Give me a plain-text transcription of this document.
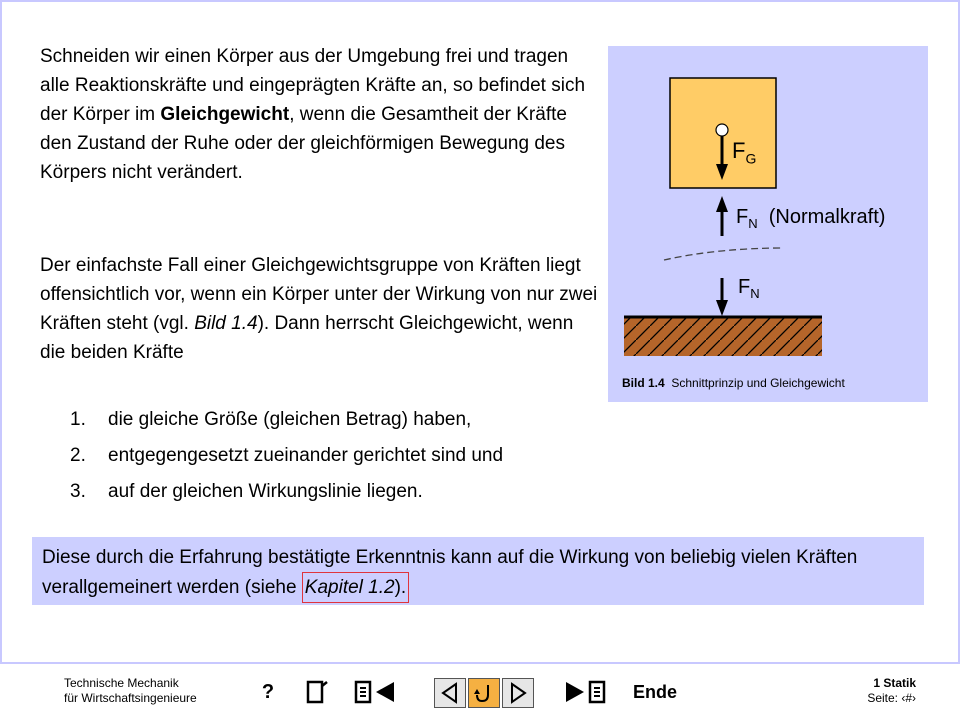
Schneiden wir einen Körper aus der Umgebung frei und tragen alle Reaktionskräfte und eingeprägten Kräfte an, so befindet sich der Körper im Gleichgewicht, wenn die Gesamtheit der Kräfte den Zustand der Ruhe oder der gleichförmigen Bewegung des Körpers nicht verändert.

Der einfachste Fall einer Gleichgewichtsgruppe von Kräften liegt offensichtlich vor, wenn ein Körper unter der Wirkung von nur zwei Kräften steht (vgl. Bild 1.4). Dann herrscht Gleichgewicht, wenn die beiden Kräfte

1. die gleiche Größe (gleichen Betrag) haben,
2. entgegengesetzt zueinander gerichtet sind und
3. auf der gleichen Wirkungslinie liegen.
$F_G$
$F_N$ (Normalkraft)
$F_N$
Bild 1.4 Schnittprinzip und Gleichgewicht
Diese durch die Erfahrung bestätigte Erkenntnis kann auf die Wirkung von beliebig vielen Kräften verallgemeinert werden (siehe Kapitel 1.2).
Technische Mechanik
für Wirtschaftsingenieure
1 Statik
Seite: ‹#›
?	Ende
